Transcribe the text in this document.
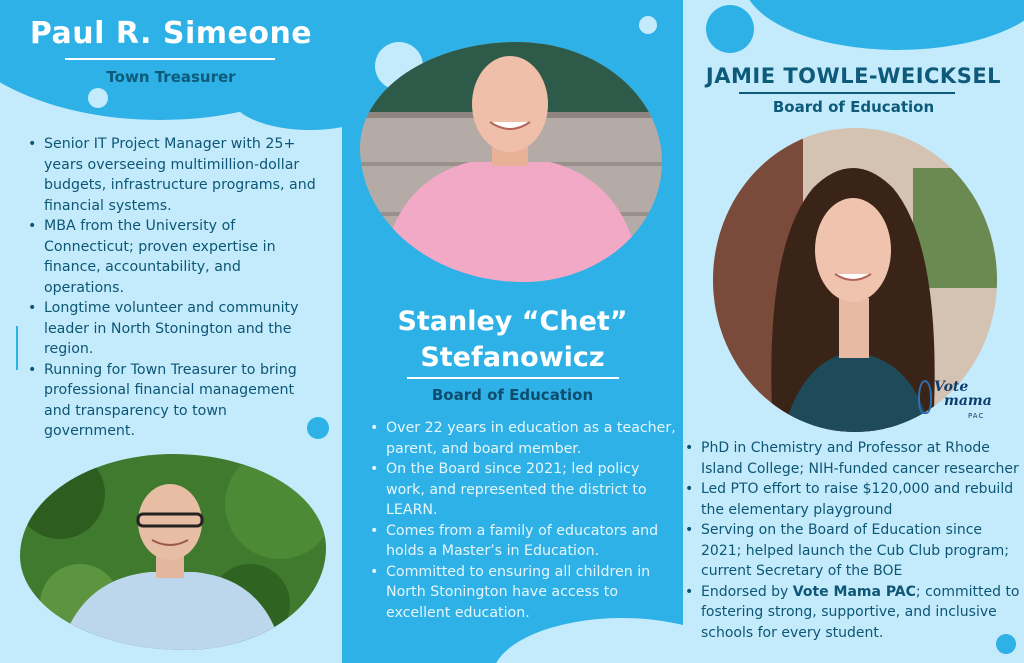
Paul R. Simeone
Town Treasurer
• Senior IT Project Manager with 25+ years overseeing multimillion-dollar budgets, infrastructure programs, and financial systems.
• MBA from the University of Connecticut; proven expertise in finance, accountability, and operations.
• Longtime volunteer and community leader in North Stonington and the region.
• Running for Town Treasurer to bring professional financial management and transparency to town government.
Stanley “Chet”
Stefanowicz
Board of Education
• Over 22 years in education as a teacher, parent, and board member.
• On the Board since 2021; led policy work, and represented the district to LEARN.
• Comes from a family of educators and holds a Master’s in Education.
• Committed to ensuring all children in North Stonington have access to excellent education.
JAMIE TOWLE-WEICKSEL
Board of Education
Vote
mama
PAC
• PhD in Chemistry and Professor at Rhode Island College; NIH-funded cancer researcher
• Led PTO effort to raise $120,000 and rebuild the elementary playground
• Serving on the Board of Education since 2021; helped launch the Cub Club program; current Secretary of the BOE
• Endorsed by Vote Mama PAC; committed to fostering strong, supportive, and inclusive schools for every student.
